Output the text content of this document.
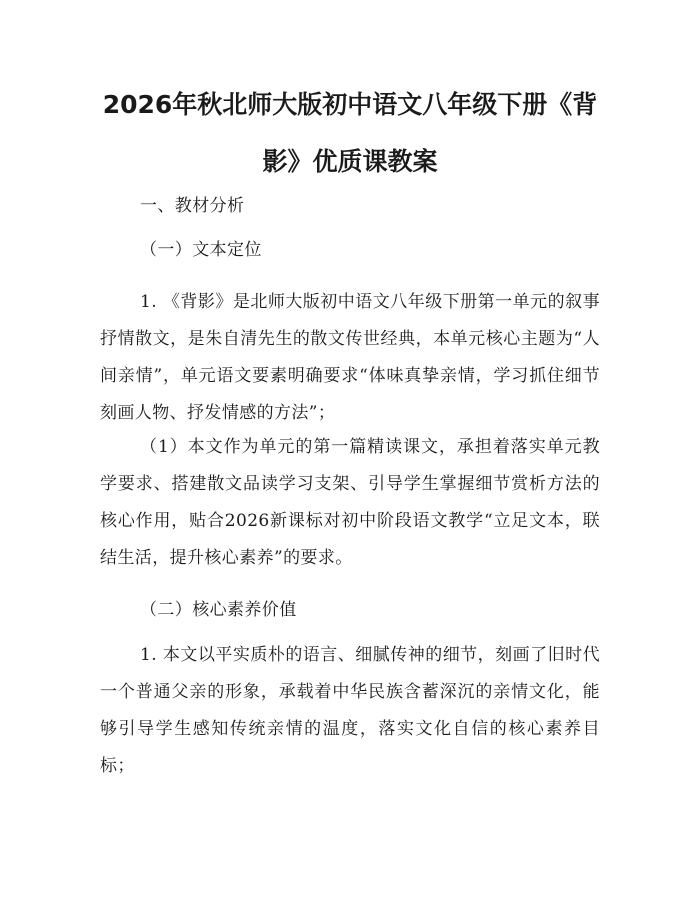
2026年秋北师大版初中语文八年级下册《背影》优质课教案
一、教材分析
（一）文本定位
1. 《背影》是北师大版初中语文八年级下册第一单元的叙事抒情散文，是朱自清先生的散文传世经典，本单元核心主题为“人间亲情”，单元语文要素明确要求“体味真挚亲情，学习抓住细节刻画人物、抒发情感的方法”；
（1）本文作为单元的第一篇精读课文，承担着落实单元教学要求、搭建散文品读学习支架、引导学生掌握细节赏析方法的核心作用，贴合2026新课标对初中阶段语文教学“立足文本，联结生活，提升核心素养”的要求。
（二）核心素养价值
1. 本文以平实质朴的语言、细腻传神的细节，刻画了旧时代一个普通父亲的形象，承载着中华民族含蓄深沉的亲情文化，能够引导学生感知传统亲情的温度，落实文化自信的核心素养目标；
